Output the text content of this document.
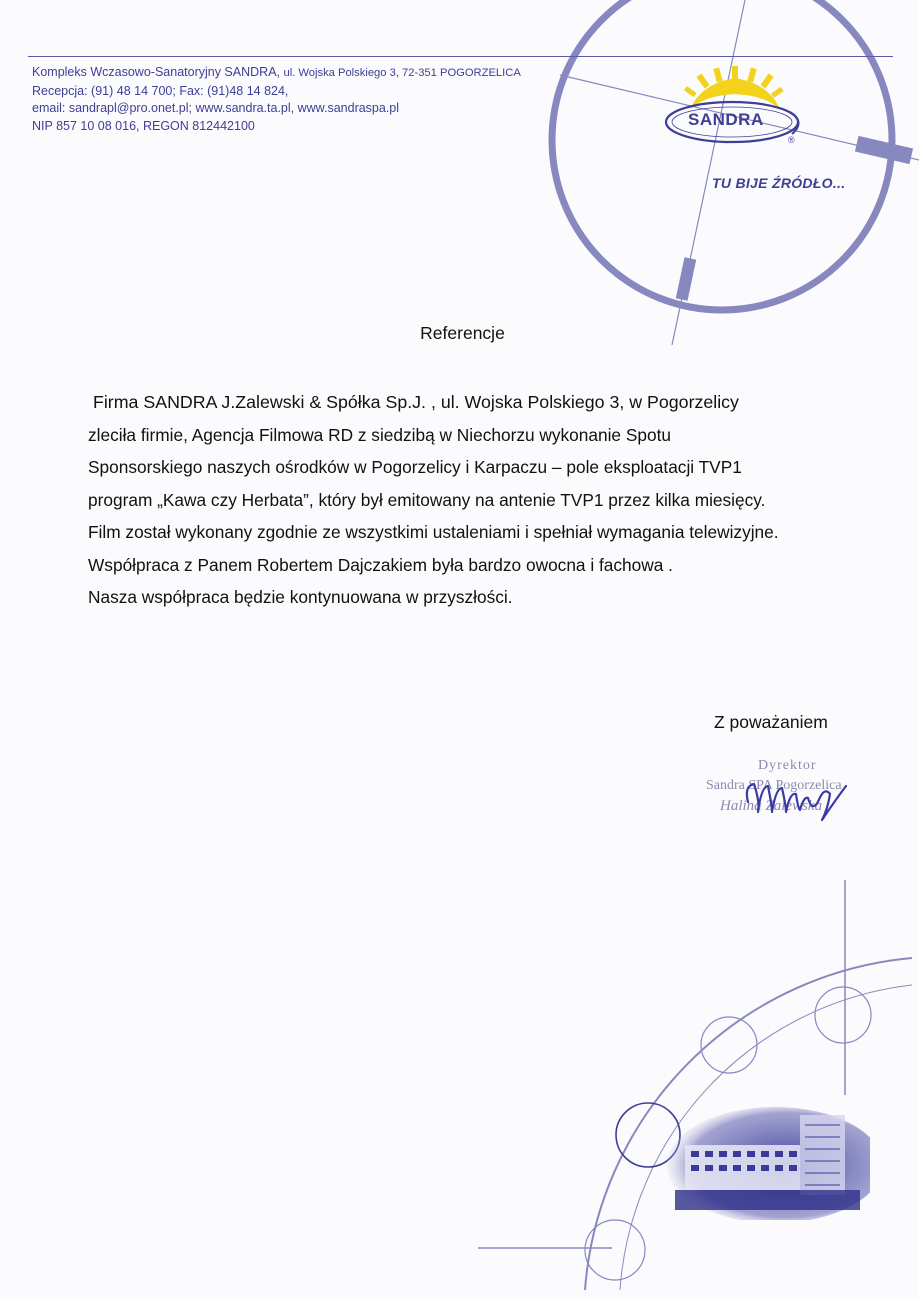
Kompleks Wczasowo-Sanatoryjny SANDRA, ul. Wojska Polskiego 3, 72-351 POGORZELICA
Recepcja: (91) 48 14 700; Fax: (91)48 14 824,
email: sandrapl@pro.onet.pl; www.sandra.ta.pl, www.sandraspa.pl
NIP 857 10 08 016, REGON 812442100	SANDRA
®
TU BIJE ŹRÓDŁO...
Referencje
Firma SANDRA J.Zalewski & Spółka Sp.J. , ul. Wojska Polskiego 3, w Pogorzelicy
zleciła firmie, Agencja Filmowa RD z siedzibą w Niechorzu wykonanie Spotu
Sponsorskiego naszych ośrodków w Pogorzelicy i Karpaczu – pole eksploatacji TVP1
program „Kawa czy Herbata”, który był emitowany na antenie TVP1 przez kilka miesięcy.
Film został wykonany zgodnie ze wszystkimi ustaleniami i spełniał wymagania telewizyjne.
Współpraca z Panem Robertem Dajczakiem była bardzo owocna i fachowa .
Nasza współpraca będzie kontynuowana w przyszłości.
Z poważaniem
Dyrektor
Sandra SPA Pogorzelica
Halina Zalewska
